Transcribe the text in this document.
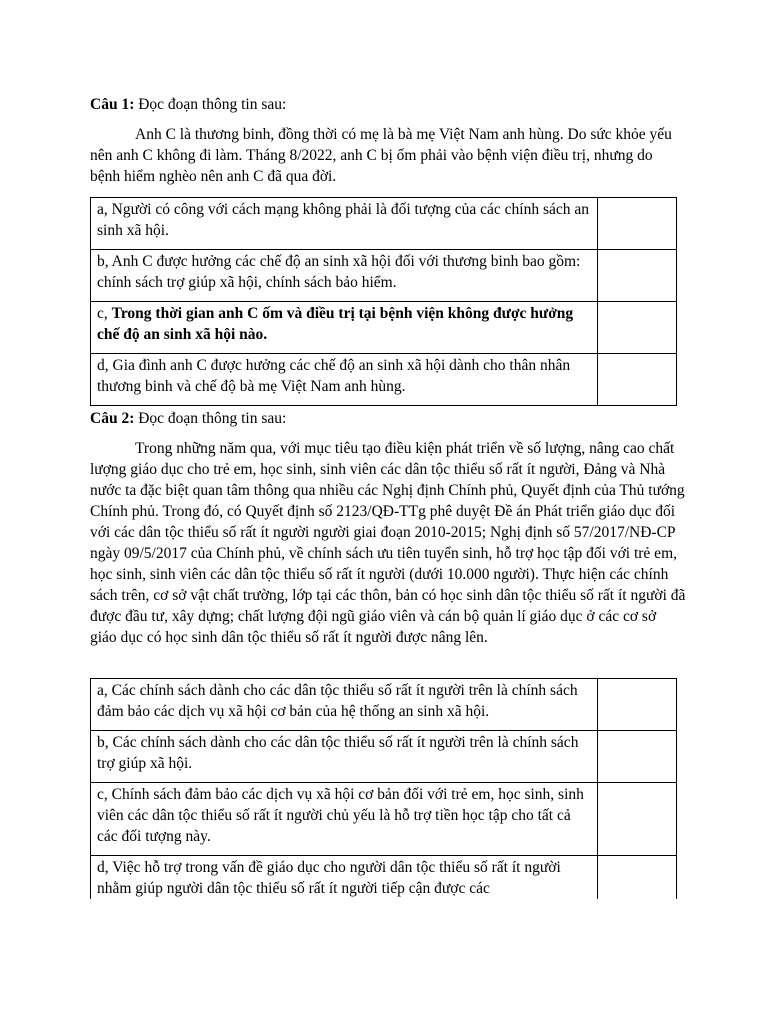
Câu 1: Đọc đoạn thông tin sau:

Anh C là thương binh, đồng thời có mẹ là bà mẹ Việt Nam anh hùng. Do sức khỏe yếu nên anh C không đi làm. Tháng 8/2022, anh C bị ốm phải vào bệnh viện điều trị, nhưng do bệnh hiểm nghèo nên anh C đã qua đời.

a, Người có công với cách mạng không phải là đối tượng của các chính sách an sinh xã hội.	
b, Anh C được hưởng các chế độ an sinh xã hội đối với thương binh bao gồm: chính sách trợ giúp xã hội, chính sách bảo hiểm.	
c, Trong thời gian anh C ốm và điều trị tại bệnh viện không được hưởng chế độ an sinh xã hội nào.	
d, Gia đình anh C được hưởng các chế độ an sinh xã hội dành cho thân nhân thương binh và chế độ bà mẹ Việt Nam anh hùng.	
Câu 2: Đọc đoạn thông tin sau:

Trong những năm qua, với mục tiêu tạo điều kiện phát triển về số lượng, nâng cao chất lượng giáo dục cho trẻ em, học sinh, sinh viên các dân tộc thiểu số rất ít người, Đảng và Nhà nước ta đặc biệt quan tâm thông qua nhiều các Nghị định Chính phủ, Quyết định của Thủ tướng Chính phủ. Trong đó, có Quyết định số 2123/QĐ-TTg phê duyệt Đề án Phát triển giáo dục đối với các dân tộc thiểu số rất ít người người giai đoạn 2010-2015; Nghị định số 57/2017/NĐ-CP ngày 09/5/2017 của Chính phủ, về chính sách ưu tiên tuyển sinh, hỗ trợ học tập đối với trẻ em, học sinh, sinh viên các dân tộc thiểu số rất ít người (dưới 10.000 người). Thực hiện các chính sách trên, cơ sở vật chất trường, lớp tại các thôn, bản có học sinh dân tộc thiểu số rất ít người đã được đầu tư, xây dựng; chất lượng đội ngũ giáo viên và cán bộ quản lí giáo dục ở các cơ sở giáo dục có học sinh dân tộc thiểu số rất ít người được nâng lên.

a, Các chính sách dành cho các dân tộc thiểu số rất ít người trên là chính sách đảm bảo các dịch vụ xã hội cơ bản của hệ thống an sinh xã hội.	
b, Các chính sách dành cho các dân tộc thiểu số rất ít người trên là chính sách trợ giúp xã hội.	
c, Chính sách đảm bảo các dịch vụ xã hội cơ bản đối với trẻ em, học sinh, sinh viên các dân tộc thiểu số rất ít người chủ yếu là hỗ trợ tiền học tập cho tất cả các đối tượng này.	
d, Việc hỗ trợ trong vấn đề giáo dục cho người dân tộc thiểu số rất ít người nhằm giúp người dân tộc thiểu số rất ít người tiếp cận được các	
